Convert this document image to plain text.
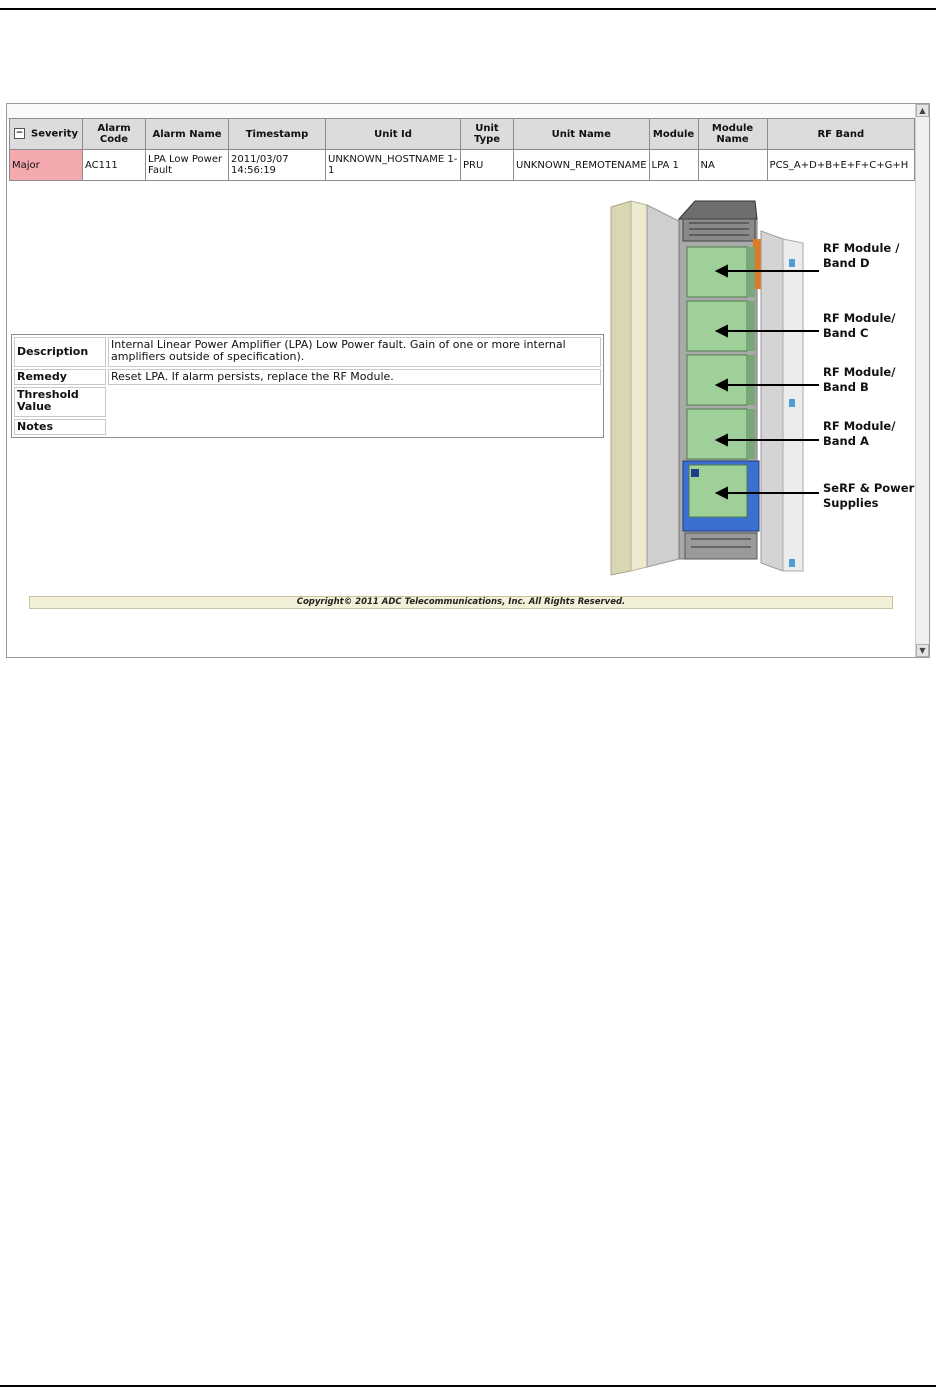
▲
▼
− Severity	Alarm Code	Alarm Name	Timestamp	Unit Id	Unit Type	Unit Name	Module	Module Name	RF Band
Major	AC111	LPA Low Power Fault	2011/03/07 14:56:19	UNKNOWN_HOSTNAME 1-1	PRU	UNKNOWN_REMOTENAME	LPA 1	NA	PCS_A+D+B+E+F+C+G+H
Description	Internal Linear Power Amplifier (LPA) Low Power fault. Gain of one or more internal amplifiers outside of specification).
Remedy	Reset LPA. If alarm persists, replace the RF Module.
Threshold Value	
Notes	
RF Module /
Band D
RF Module/
Band C
RF Module/
Band B
RF Module/
Band A
SeRF & Power
Supplies
Copyright© 2011 ADC Telecommunications, Inc. All Rights Reserved.
